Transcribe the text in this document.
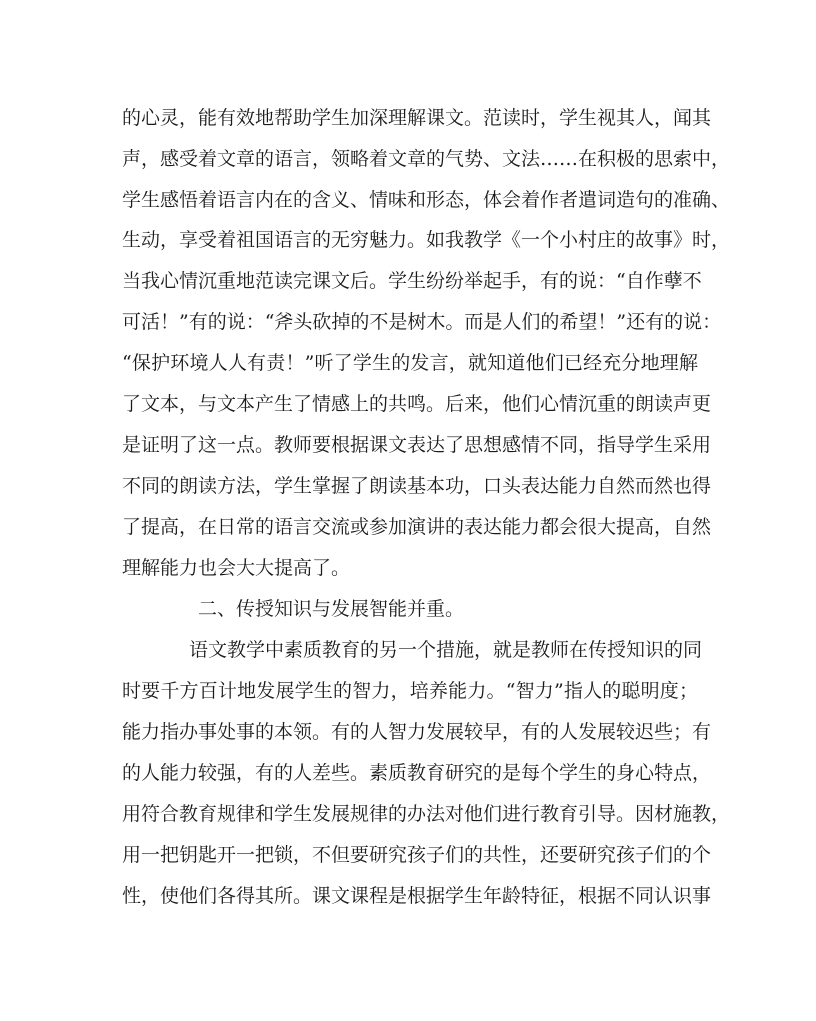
的心灵，能有效地帮助学生加深理解课文。范读时，学生视其人，闻其
声，感受着文章的语言，领略着文章的气势、文法……在积极的思索中，
学生感悟着语言内在的含义、情味和形态，体会着作者遣词造句的准确、
生动，享受着祖国语言的无穷魅力。如我教学《一个小村庄的故事》时，
当我心情沉重地范读完课文后。学生纷纷举起手，有的说：“自作孽不
可活！”有的说：“斧头砍掉的不是树木。而是人们的希望！”还有的说：
“保护环境人人有责！”听了学生的发言，就知道他们已经充分地理解
了文本，与文本产生了情感上的共鸣。后来，他们心情沉重的朗读声更
是证明了这一点。教师要根据课文表达了思想感情不同，指导学生采用
不同的朗读方法，学生掌握了朗读基本功，口头表达能力自然而然也得
了提高，在日常的语言交流或参加演讲的表达能力都会很大提高，自然
理解能力也会大大提高了。
二、传授知识与发展智能并重。
语文教学中素质教育的另一个措施，就是教师在传授知识的同
时要千方百计地发展学生的智力，培养能力。“智力”指人的聪明度；
能力指办事处事的本领。有的人智力发展较早，有的人发展较迟些；有
的人能力较强，有的人差些。素质教育研究的是每个学生的身心特点，
用符合教育规律和学生发展规律的办法对他们进行教育引导。因材施教，
用一把钥匙开一把锁，不但要研究孩子们的共性，还要研究孩子们的个
性，使他们各得其所。课文课程是根据学生年龄特征，根据不同认识事
